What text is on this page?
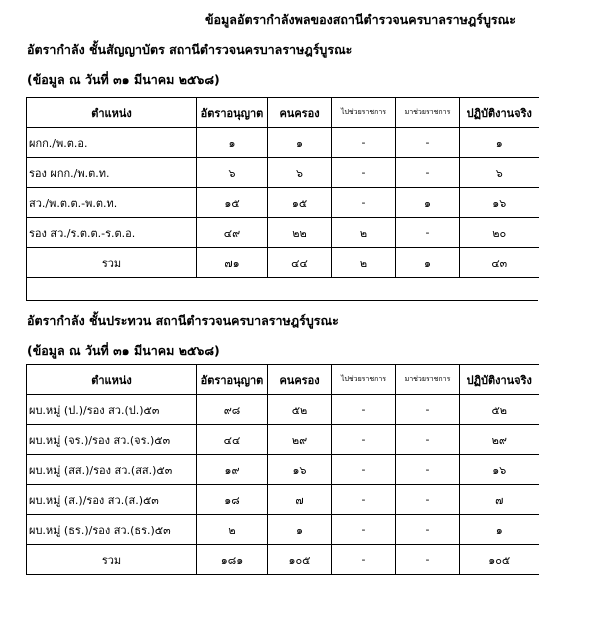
ข้อมูลอัตรากำลังพลของสถานีตำรวจนครบาลราษฎร์บูรณะ
อัตรากำลัง ชั้นสัญญาบัตร สถานีตำรวจนครบาลราษฎร์บูรณะ
(ข้อมูล ณ วันที่ ๓๑ มีนาคม ๒๕๖๘)
ตำแหน่ง	อัตราอนุญาต	คนครอง	ไปช่วยราชการ	มาช่วยราชการ	ปฏิบัติงานจริง
ผกก./พ.ต.อ.	๑	๑	-	-	๑
รอง ผกก./พ.ต.ท.	๖	๖	-	-	๖
สว./พ.ต.ต.-พ.ต.ท.	๑๕	๑๕	-	๑	๑๖
รอง สว./ร.ต.ต.-ร.ต.อ.	๔๙	๒๒	๒	-	๒๐
รวม	๗๑	๔๔	๒	๑	๔๓
อัตรากำลัง ชั้นประทวน สถานีตำรวจนครบาลราษฎร์บูรณะ
(ข้อมูล ณ วันที่ ๓๑ มีนาคม ๒๕๖๘)
ตำแหน่ง	อัตราอนุญาต	คนครอง	ไปช่วยราชการ	มาช่วยราชการ	ปฏิบัติงานจริง
ผบ.หมู่ (ป.)/รอง สว.(ป.)๕๓	๙๘	๕๒	-	-	๕๒
ผบ.หมู่ (จร.)/รอง สว.(จร.)๕๓	๔๔	๒๙	-	-	๒๙
ผบ.หมู่ (สส.)/รอง สว.(สส.)๕๓	๑๙	๑๖	-	-	๑๖
ผบ.หมู่ (ส.)/รอง สว.(ส.)๕๓	๑๘	๗	-	-	๗
ผบ.หมู่ (ธร.)/รอง สว.(ธร.)๕๓	๒	๑	-	-	๑
รวม	๑๘๑	๑๐๕	-	-	๑๐๕
